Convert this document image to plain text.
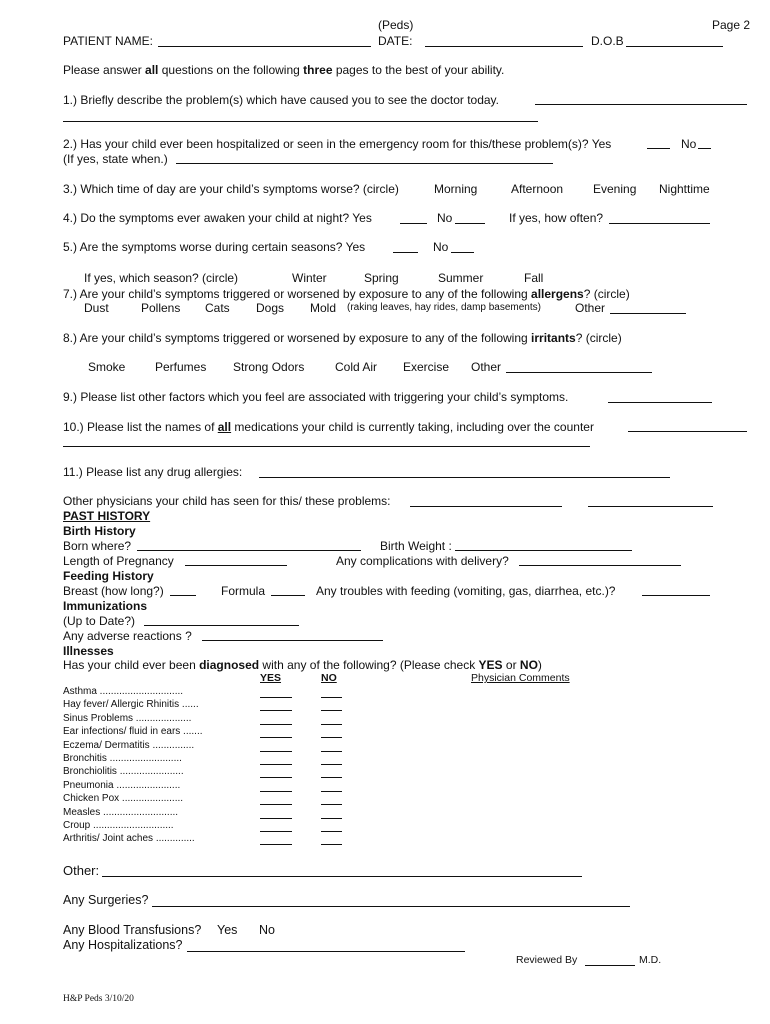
(Peds)	Page 2
PATIENT NAME:	DATE:	D.O.B
Please answer all questions on the following three pages to the best of your ability.
1.) Briefly describe the problem(s) which have caused you to see the doctor today.
2.) Has your child ever been hospitalized or seen in the emergency room for this/these problem(s)? Yes	No
(If yes, state when.)
3.) Which time of day are your child’s symptoms worse? (circle)	Morning	Afternoon Evening Nighttime
4.) Do the symptoms ever awaken your child at night? Yes	No	If yes, how often?
5.) Are the symptoms worse during certain seasons? Yes	No
If yes, which season? (circle)	Winter	Spring	Summer	Fall
7.) Are your child’s symptoms triggered or worsened by exposure to any of the following allergens? (circle)
Dust	Pollens Cats Dogs Mold (raking leaves, hay rides, damp basements)	Other
8.) Are your child’s symptoms triggered or worsened by exposure to any of the following irritants? (circle)
Smoke Perfumes Strong Odors	Cold Air Exercise Other
9.) Please list other factors which you feel are associated with triggering your child’s symptoms.
10.) Please list the names of all medications your child is currently taking, including over the counter
11.) Please list any drug allergies:
Other physicians your child has seen for this/ these problems:
PAST HISTORY
Birth History
Born where?	Birth Weight :
Length of Pregnancy	Any complications with delivery?
Feeding History
Breast (how long?)	Formula	Any troubles with feeding (vomiting, gas, diarrhea, etc.)?
Immunizations
(Up to Date?)
Any adverse reactions ?
Illnesses
Has your child ever been diagnosed with any of the following? (Please check YES or NO)
YES	NO	Physician Comments
Asthma ..............................
Hay fever/ Allergic Rhinitis ......
Sinus Problems ....................
Ear infections/ fluid in ears .......
Eczema/ Dermatitis ...............
Bronchitis ..........................
Bronchiolitis .......................
Pneumonia .......................
Chicken Pox ......................
Measles ...........................
Croup .............................
Arthritis/ Joint aches ..............
Other:
Any Surgeries?
Any Blood Transfusions? Yes No
Any Hospitalizations?
Reviewed By	M.D.
H&P Peds 3/10/20
